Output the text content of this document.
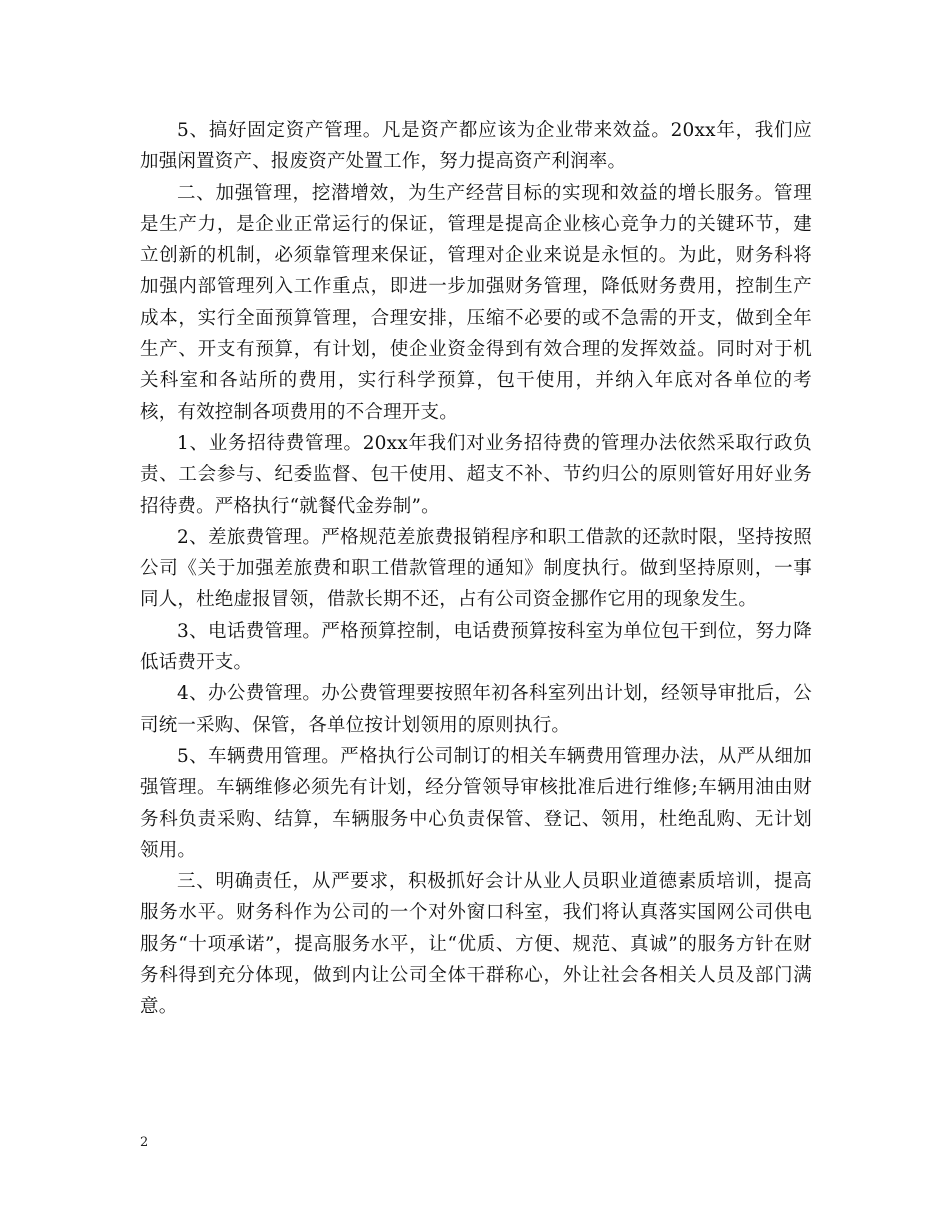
5、搞好固定资产管理。凡是资产都应该为企业带来效益。20xx年，我们应加强闲置资产、报废资产处置工作，努力提高资产利润率。

二、加强管理，挖潜增效，为生产经营目标的实现和效益的增长服务。管理是生产力，是企业正常运行的保证，管理是提高企业核心竞争力的关键环节，建立创新的机制，必须靠管理来保证，管理对企业来说是永恒的。为此，财务科将加强内部管理列入工作重点，即进一步加强财务管理，降低财务费用，控制生产成本，实行全面预算管理，合理安排，压缩不必要的或不急需的开支，做到全年生产、开支有预算，有计划，使企业资金得到有效合理的发挥效益。同时对于机关科室和各站所的费用，实行科学预算，包干使用，并纳入年底对各单位的考核，有效控制各项费用的不合理开支。

1、业务招待费管理。20xx年我们对业务招待费的管理办法依然采取行政负责、工会参与、纪委监督、包干使用、超支不补、节约归公的原则管好用好业务招待费。严格执行“就餐代金券制”。

2、差旅费管理。严格规范差旅费报销程序和职工借款的还款时限，坚持按照公司《关于加强差旅费和职工借款管理的通知》制度执行。做到坚持原则，一事同人，杜绝虚报冒领，借款长期不还，占有公司资金挪作它用的现象发生。

3、电话费管理。严格预算控制，电话费预算按科室为单位包干到位，努力降低话费开支。

4、办公费管理。办公费管理要按照年初各科室列出计划，经领导审批后，公司统一采购、保管，各单位按计划领用的原则执行。

5、车辆费用管理。严格执行公司制订的相关车辆费用管理办法，从严从细加强管理。车辆维修必须先有计划，经分管领导审核批准后进行维修;车辆用油由财务科负责采购、结算，车辆服务中心负责保管、登记、领用，杜绝乱购、无计划领用。

三、明确责任，从严要求，积极抓好会计从业人员职业道德素质培训，提高服务水平。财务科作为公司的一个对外窗口科室，我们将认真落实国网公司供电服务“十项承诺”，提高服务水平，让“优质、方便、规范、真诚”的服务方针在财务科得到充分体现，做到内让公司全体干群称心，外让社会各相关人员及部门满意。

2
